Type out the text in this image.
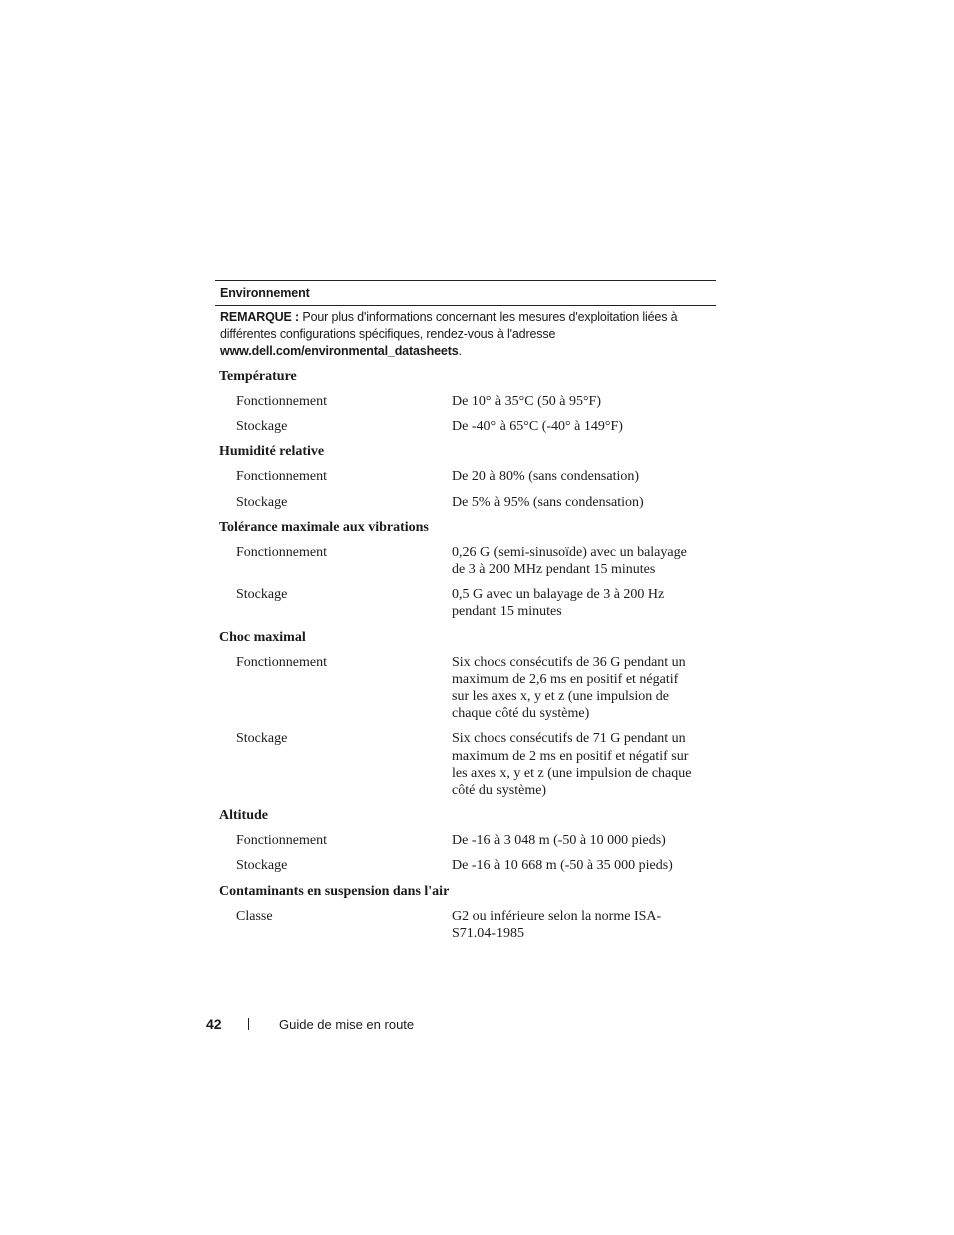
Environnement
REMARQUE : Pour plus d'informations concernant les mesures d'exploitation liées à différentes configurations spécifiques, rendez-vous à l'adresse www.dell.com/environmental_datasheets.
Température
Fonctionnement	De 10° à 35°C (50 à 95°F)
Stockage	De -40° à 65°C (-40° à 149°F)
Humidité relative
Fonctionnement	De 20 à 80% (sans condensation)
Stockage	De 5% à 95% (sans condensation)
Tolérance maximale aux vibrations
Fonctionnement	0,26 G (semi-sinusoïde) avec un balayage de 3 à 200 MHz pendant 15 minutes
Stockage	0,5 G avec un balayage de 3 à 200 Hz pendant 15 minutes
Choc maximal
Fonctionnement	Six chocs consécutifs de 36 G pendant un maximum de 2,6 ms en positif et négatif sur les axes x, y et z (une impulsion de chaque côté du système)
Stockage	Six chocs consécutifs de 71 G pendant un maximum de 2 ms en positif et négatif sur les axes x, y et z (une impulsion de chaque côté du système)
Altitude
Fonctionnement	De -16 à 3 048 m (-50 à 10 000 pieds)
Stockage	De -16 à 10 668 m (-50 à 35 000 pieds)
Contaminants en suspension dans l'air
Classe	G2 ou inférieure selon la norme ISA-S71.04-1985
42	Guide de mise en route
